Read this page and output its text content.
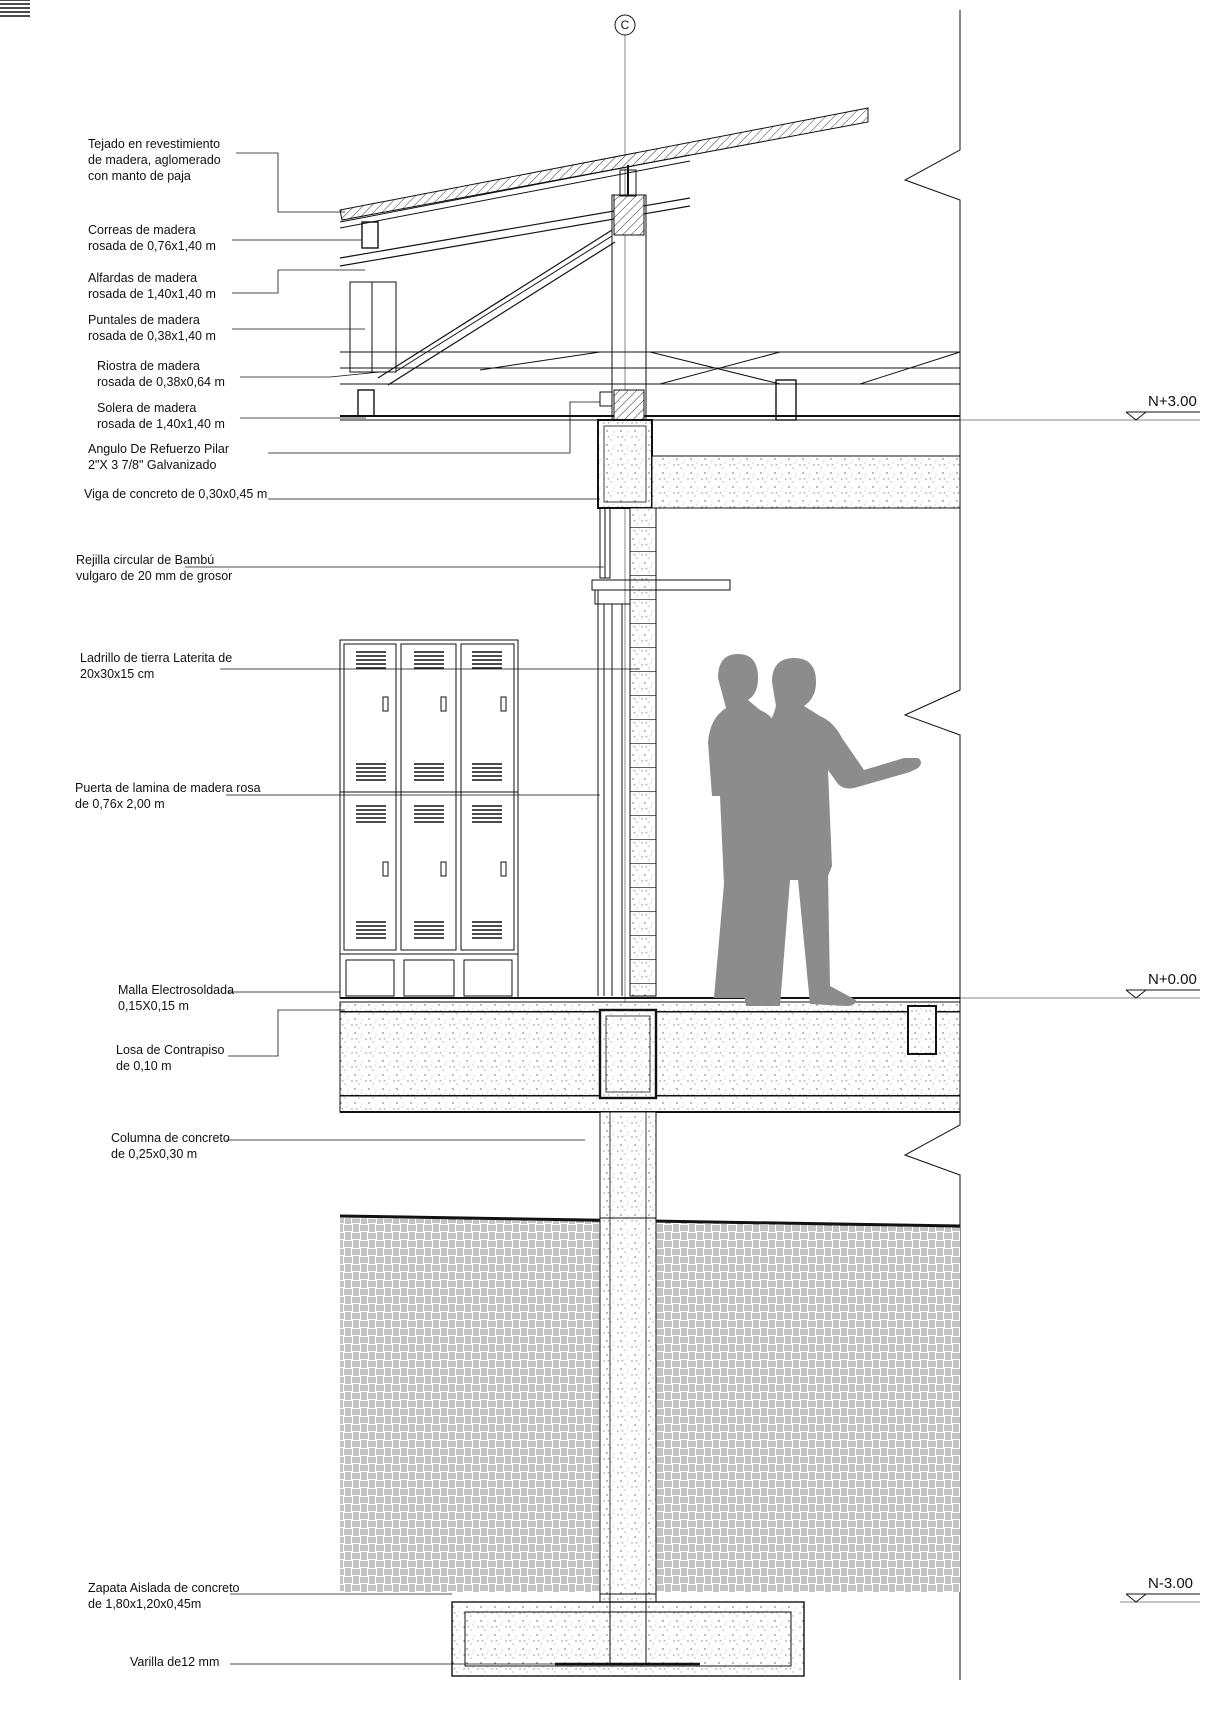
C
N+3.00
N+0.00
N-3.00
Tejado en revestimiento
de madera, aglomerado
con manto de paja
Correas de madera
rosada de 0,76x1,40 m
Alfardas de madera
rosada de 1,40x1,40 m
Puntales de madera
rosada de 0,38x1,40 m
Riostra de madera
rosada de 0,38x0,64 m
Solera de madera
rosada de 1,40x1,40 m
Angulo De Refuerzo Pilar
2"X 3 7/8" Galvanizado
Viga de concreto de 0,30x0,45 m
Rejilla circular de Bambú
vulgaro de 20 mm de grosor
Ladrillo de tierra Laterita de
20x30x15 cm
Puerta de lamina de madera rosa
de 0,76x 2,00 m
Malla Electrosoldada
0,15X0,15 m
Losa de Contrapiso
de 0,10 m
Columna de concreto
de 0,25x0,30 m
Zapata Aislada de concreto
de 1,80x1,20x0,45m
Varilla de12 mm
